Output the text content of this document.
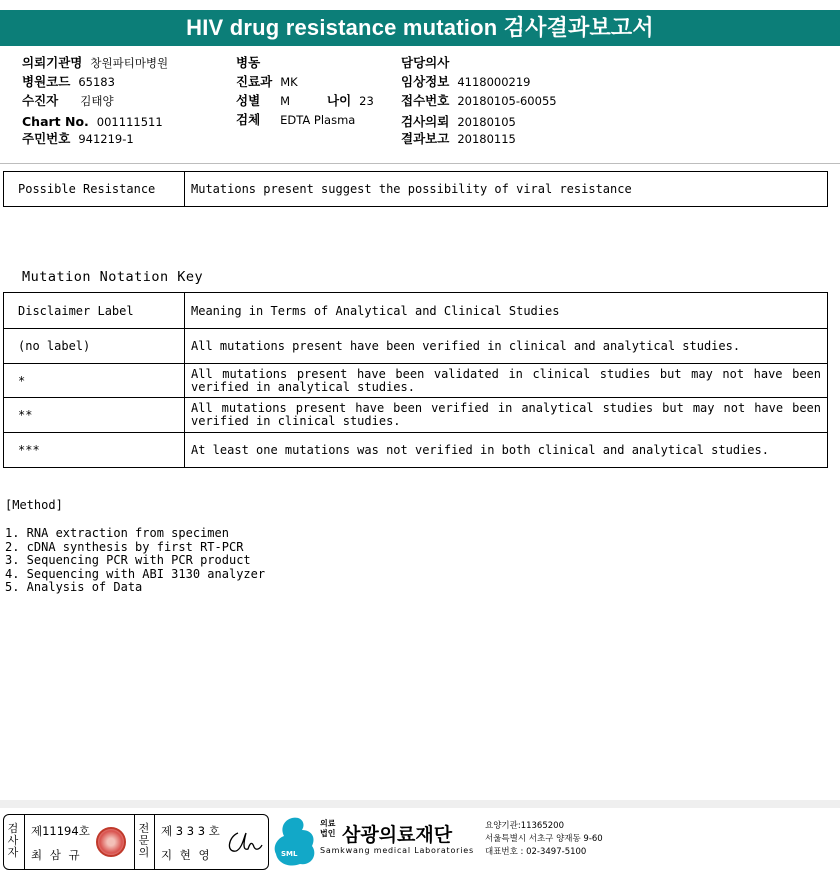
HIV drug resistance mutation 검사결과보고서
의뢰기관명 창원파티마병원
병원코드 65183
수진자 김태양
Chart No. 001111511
주민번호 941219-1
병동
진료과 MK
성별 M	나이 23
검체 EDTA Plasma
담당의사
임상정보 4118000219
접수번호 20180105-60055
검사의뢰 20180105
결과보고 20180115
Possible Resistance	Mutations present suggest the possibility of viral resistance
Mutation Notation Key
Disclaimer Label	Meaning in Terms of Analytical and Clinical Studies
(no label)	All mutations present have been verified in clinical and analytical studies.
*	All mutations present have been validated in clinical studies but may not have been verified in analytical studies.
**	All mutations present have been verified in analytical studies but may not have been verified in clinical studies.
***	At least one mutations was not verified in both clinical and analytical studies.
[Method]
1. RNA extraction from specimen
2. cDNA synthesis by first RT-PCR
3. Sequencing PCR with PCR product
4. Sequencing with ABI 3130 analyzer
5. Analysis of Data
검
사
자
제11194호
최 삼 규
전
문
의
제 3 3 3 호
지 현 영	SML
의료
법인 삼광의료재단
Samkwang medical Laboratories
요양기관:11365200
서울특별시 서초구 양재동 9-60
대표번호 : 02-3497-5100
